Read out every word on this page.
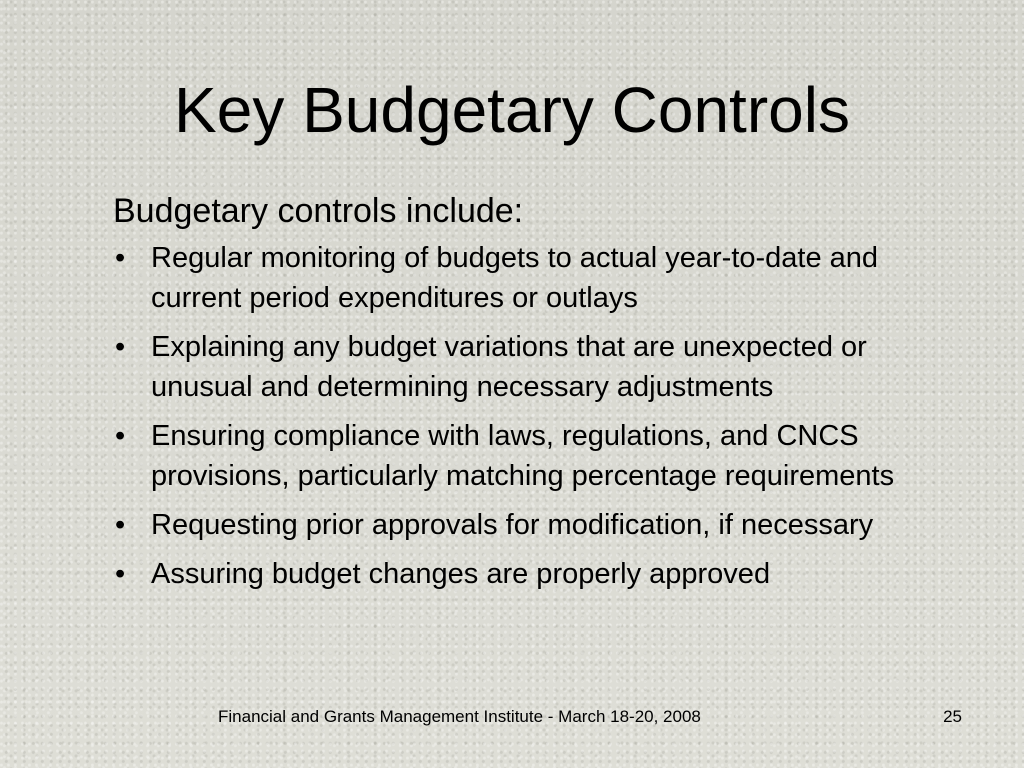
Key Budgetary Controls

Budgetary controls include:

• Regular monitoring of budgets to actual year-to-date and current period expenditures or outlays
• Explaining any budget variations that are unexpected or unusual and determining necessary adjustments
• Ensuring compliance with laws, regulations, and CNCS provisions, particularly matching percentage requirements
• Requesting prior approvals for modification, if necessary
• Assuring budget changes are properly approved
Financial and Grants Management Institute - March 18-20, 2008	25
